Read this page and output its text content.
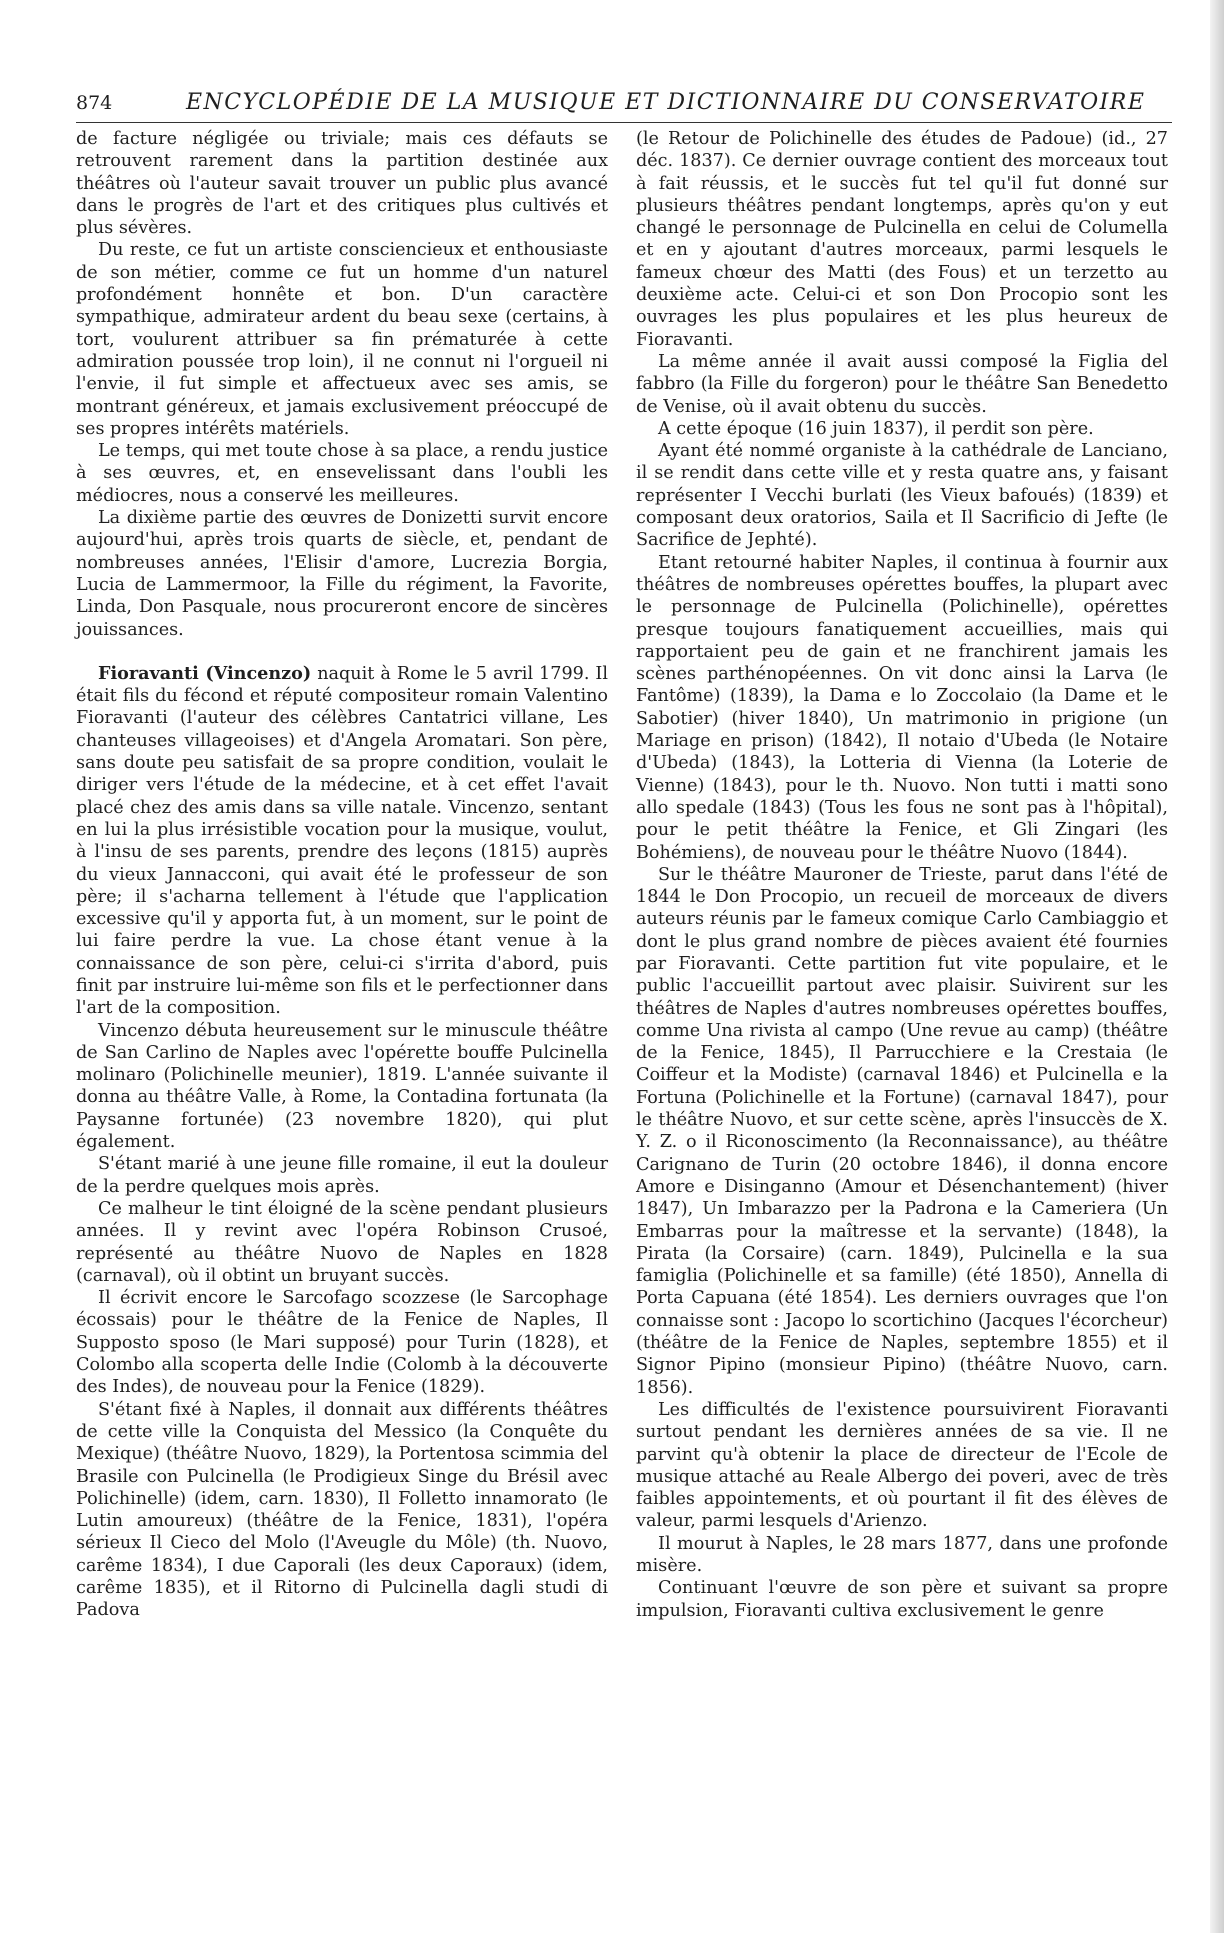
874	ENCYCLOPÉDIE DE LA MUSIQUE ET DICTIONNAIRE DU CONSERVATOIRE

de facture négligée ou triviale; mais ces défauts se retrouvent rarement dans la partition destinée aux théâtres où l'auteur savait trouver un public plus avancé dans le progrès de l'art et des critiques plus cultivés et plus sévères.

Du reste, ce fut un artiste consciencieux et enthousiaste de son métier, comme ce fut un homme d'un naturel profondément honnête et bon. D'un caractère sympathique, admirateur ardent du beau sexe (certains, à tort, voulurent attribuer sa fin prématurée à cette admiration poussée trop loin), il ne connut ni l'orgueil ni l'envie, il fut simple et affectueux avec ses amis, se montrant généreux, et jamais exclusivement préoccupé de ses propres intérêts matériels.

Le temps, qui met toute chose à sa place, a rendu justice à ses œuvres, et, en ensevelissant dans l'oubli les médiocres, nous a conservé les meilleures.

La dixième partie des œuvres de Donizetti survit encore aujourd'hui, après trois quarts de siècle, et, pendant de nombreuses années, l'Elisir d'amore, Lucrezia Borgia, Lucia de Lammermoor, la Fille du régiment, la Favorite, Linda, Don Pasquale, nous procureront encore de sincères jouissances.

Fioravanti (Vincenzo) naquit à Rome le 5 avril 1799. Il était fils du fécond et réputé compositeur romain Valentino Fioravanti (l'auteur des célèbres Cantatrici villane, Les chanteuses villageoises) et d'Angela Aromatari. Son père, sans doute peu satisfait de sa propre condition, voulait le diriger vers l'étude de la médecine, et à cet effet l'avait placé chez des amis dans sa ville natale. Vincenzo, sentant en lui la plus irrésistible vocation pour la musique, voulut, à l'insu de ses parents, prendre des leçons (1815) auprès du vieux Jannacconi, qui avait été le professeur de son père; il s'acharna tellement à l'étude que l'application excessive qu'il y apporta fut, à un moment, sur le point de lui faire perdre la vue. La chose étant venue à la connaissance de son père, celui-ci s'irrita d'abord, puis finit par instruire lui-même son fils et le perfectionner dans l'art de la composition.

Vincenzo débuta heureusement sur le minuscule théâtre de San Carlino de Naples avec l'opérette bouffe Pulcinella molinaro (Polichinelle meunier), 1819. L'année suivante il donna au théâtre Valle, à Rome, la Contadina fortunata (la Paysanne fortunée) (23 novembre 1820), qui plut également.

S'étant marié à une jeune fille romaine, il eut la douleur de la perdre quelques mois après.

Ce malheur le tint éloigné de la scène pendant plusieurs années. Il y revint avec l'opéra Robinson Crusoé, représenté au théâtre Nuovo de Naples en 1828 (carnaval), où il obtint un bruyant succès.

Il écrivit encore le Sarcofago scozzese (le Sarcophage écossais) pour le théâtre de la Fenice de Naples, Il Supposto sposo (le Mari supposé) pour Turin (1828), et Colombo alla scoperta delle Indie (Colomb à la découverte des Indes), de nouveau pour la Fenice (1829).

S'étant fixé à Naples, il donnait aux différents théâtres de cette ville la Conquista del Messico (la Conquête du Mexique) (théâtre Nuovo, 1829), la Portentosa scimmia del Brasile con Pulcinella (le Prodigieux Singe du Brésil avec Polichinelle) (idem, carn. 1830), Il Folletto innamorato (le Lutin amoureux) (théâtre de la Fenice, 1831), l'opéra sérieux Il Cieco del Molo (l'Aveugle du Môle) (th. Nuovo, carême 1834), I due Caporali (les deux Caporaux) (idem, carême 1835), et il Ritorno di Pulcinella dagli studi di Padova

(le Retour de Polichinelle des études de Padoue) (id., 27 déc. 1837). Ce dernier ouvrage contient des morceaux tout à fait réussis, et le succès fut tel qu'il fut donné sur plusieurs théâtres pendant longtemps, après qu'on y eut changé le personnage de Pulcinella en celui de Columella et en y ajoutant d'autres morceaux, parmi lesquels le fameux chœur des Matti (des Fous) et un terzetto au deuxième acte. Celui-ci et son Don Procopio sont les ouvrages les plus populaires et les plus heureux de Fioravanti.

La même année il avait aussi composé la Figlia del fabbro (la Fille du forgeron) pour le théâtre San Benedetto de Venise, où il avait obtenu du succès.

A cette époque (16 juin 1837), il perdit son père.

Ayant été nommé organiste à la cathédrale de Lanciano, il se rendit dans cette ville et y resta quatre ans, y faisant représenter I Vecchi burlati (les Vieux bafoués) (1839) et composant deux oratorios, Saila et Il Sacrificio di Jefte (le Sacrifice de Jephté).

Etant retourné habiter Naples, il continua à fournir aux théâtres de nombreuses opérettes bouffes, la plupart avec le personnage de Pulcinella (Polichinelle), opérettes presque toujours fanatiquement accueillies, mais qui rapportaient peu de gain et ne franchirent jamais les scènes parthénopéennes. On vit donc ainsi la Larva (le Fantôme) (1839), la Dama e lo Zoccolaio (la Dame et le Sabotier) (hiver 1840), Un matrimonio in prigione (un Mariage en prison) (1842), Il notaio d'Ubeda (le Notaire d'Ubeda) (1843), la Lotteria di Vienna (la Loterie de Vienne) (1843), pour le th. Nuovo. Non tutti i matti sono allo spedale (1843) (Tous les fous ne sont pas à l'hôpital), pour le petit théâtre la Fenice, et Gli Zingari (les Bohémiens), de nouveau pour le théâtre Nuovo (1844).

Sur le théâtre Mauroner de Trieste, parut dans l'été de 1844 le Don Procopio, un recueil de morceaux de divers auteurs réunis par le fameux comique Carlo Cambiaggio et dont le plus grand nombre de pièces avaient été fournies par Fioravanti. Cette partition fut vite populaire, et le public l'accueillit partout avec plaisir. Suivirent sur les théâtres de Naples d'autres nombreuses opérettes bouffes, comme Una rivista al campo (Une revue au camp) (théâtre de la Fenice, 1845), Il Parrucchiere e la Crestaia (le Coiffeur et la Modiste) (carnaval 1846) et Pulcinella e la Fortuna (Polichinelle et la Fortune) (carnaval 1847), pour le théâtre Nuovo, et sur cette scène, après l'insuccès de X. Y. Z. o il Riconoscimento (la Reconnaissance), au théâtre Carignano de Turin (20 octobre 1846), il donna encore Amore e Disinganno (Amour et Désenchantement) (hiver 1847), Un Imbarazzo per la Padrona e la Cameriera (Un Embarras pour la maîtresse et la servante) (1848), la Pirata (la Corsaire) (carn. 1849), Pulcinella e la sua famiglia (Polichinelle et sa famille) (été 1850), Annella di Porta Capuana (été 1854). Les derniers ouvrages que l'on connaisse sont : Jacopo lo scortichino (Jacques l'écorcheur) (théâtre de la Fenice de Naples, septembre 1855) et il Signor Pipino (monsieur Pipino) (théâtre Nuovo, carn. 1856).

Les difficultés de l'existence poursuivirent Fioravanti surtout pendant les dernières années de sa vie. Il ne parvint qu'à obtenir la place de directeur de l'Ecole de musique attaché au Reale Albergo dei poveri, avec de très faibles appointements, et où pourtant il fit des élèves de valeur, parmi lesquels d'Arienzo.

Il mourut à Naples, le 28 mars 1877, dans une profonde misère.

Continuant l'œuvre de son père et suivant sa propre impulsion, Fioravanti cultiva exclusivement le genre
